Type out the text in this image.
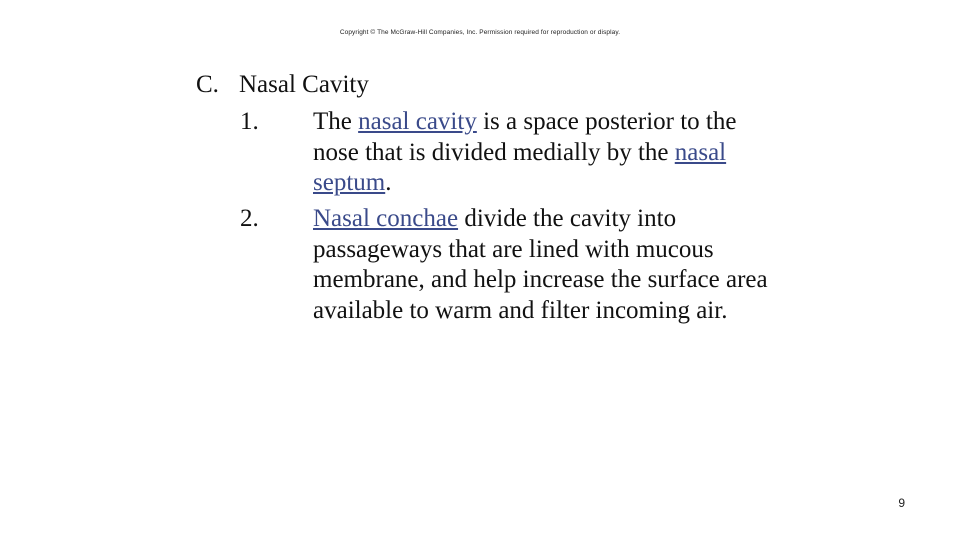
Copyright © The McGraw-Hill Companies, Inc. Permission required for reproduction or display.
C. Nasal Cavity
1. The nasal cavity is a space posterior to the nose that is divided medially by the nasal septum.
2. Nasal conchae divide the cavity into passageways that are lined with mucous membrane, and help increase the surface area available to warm and filter incoming air.
9
